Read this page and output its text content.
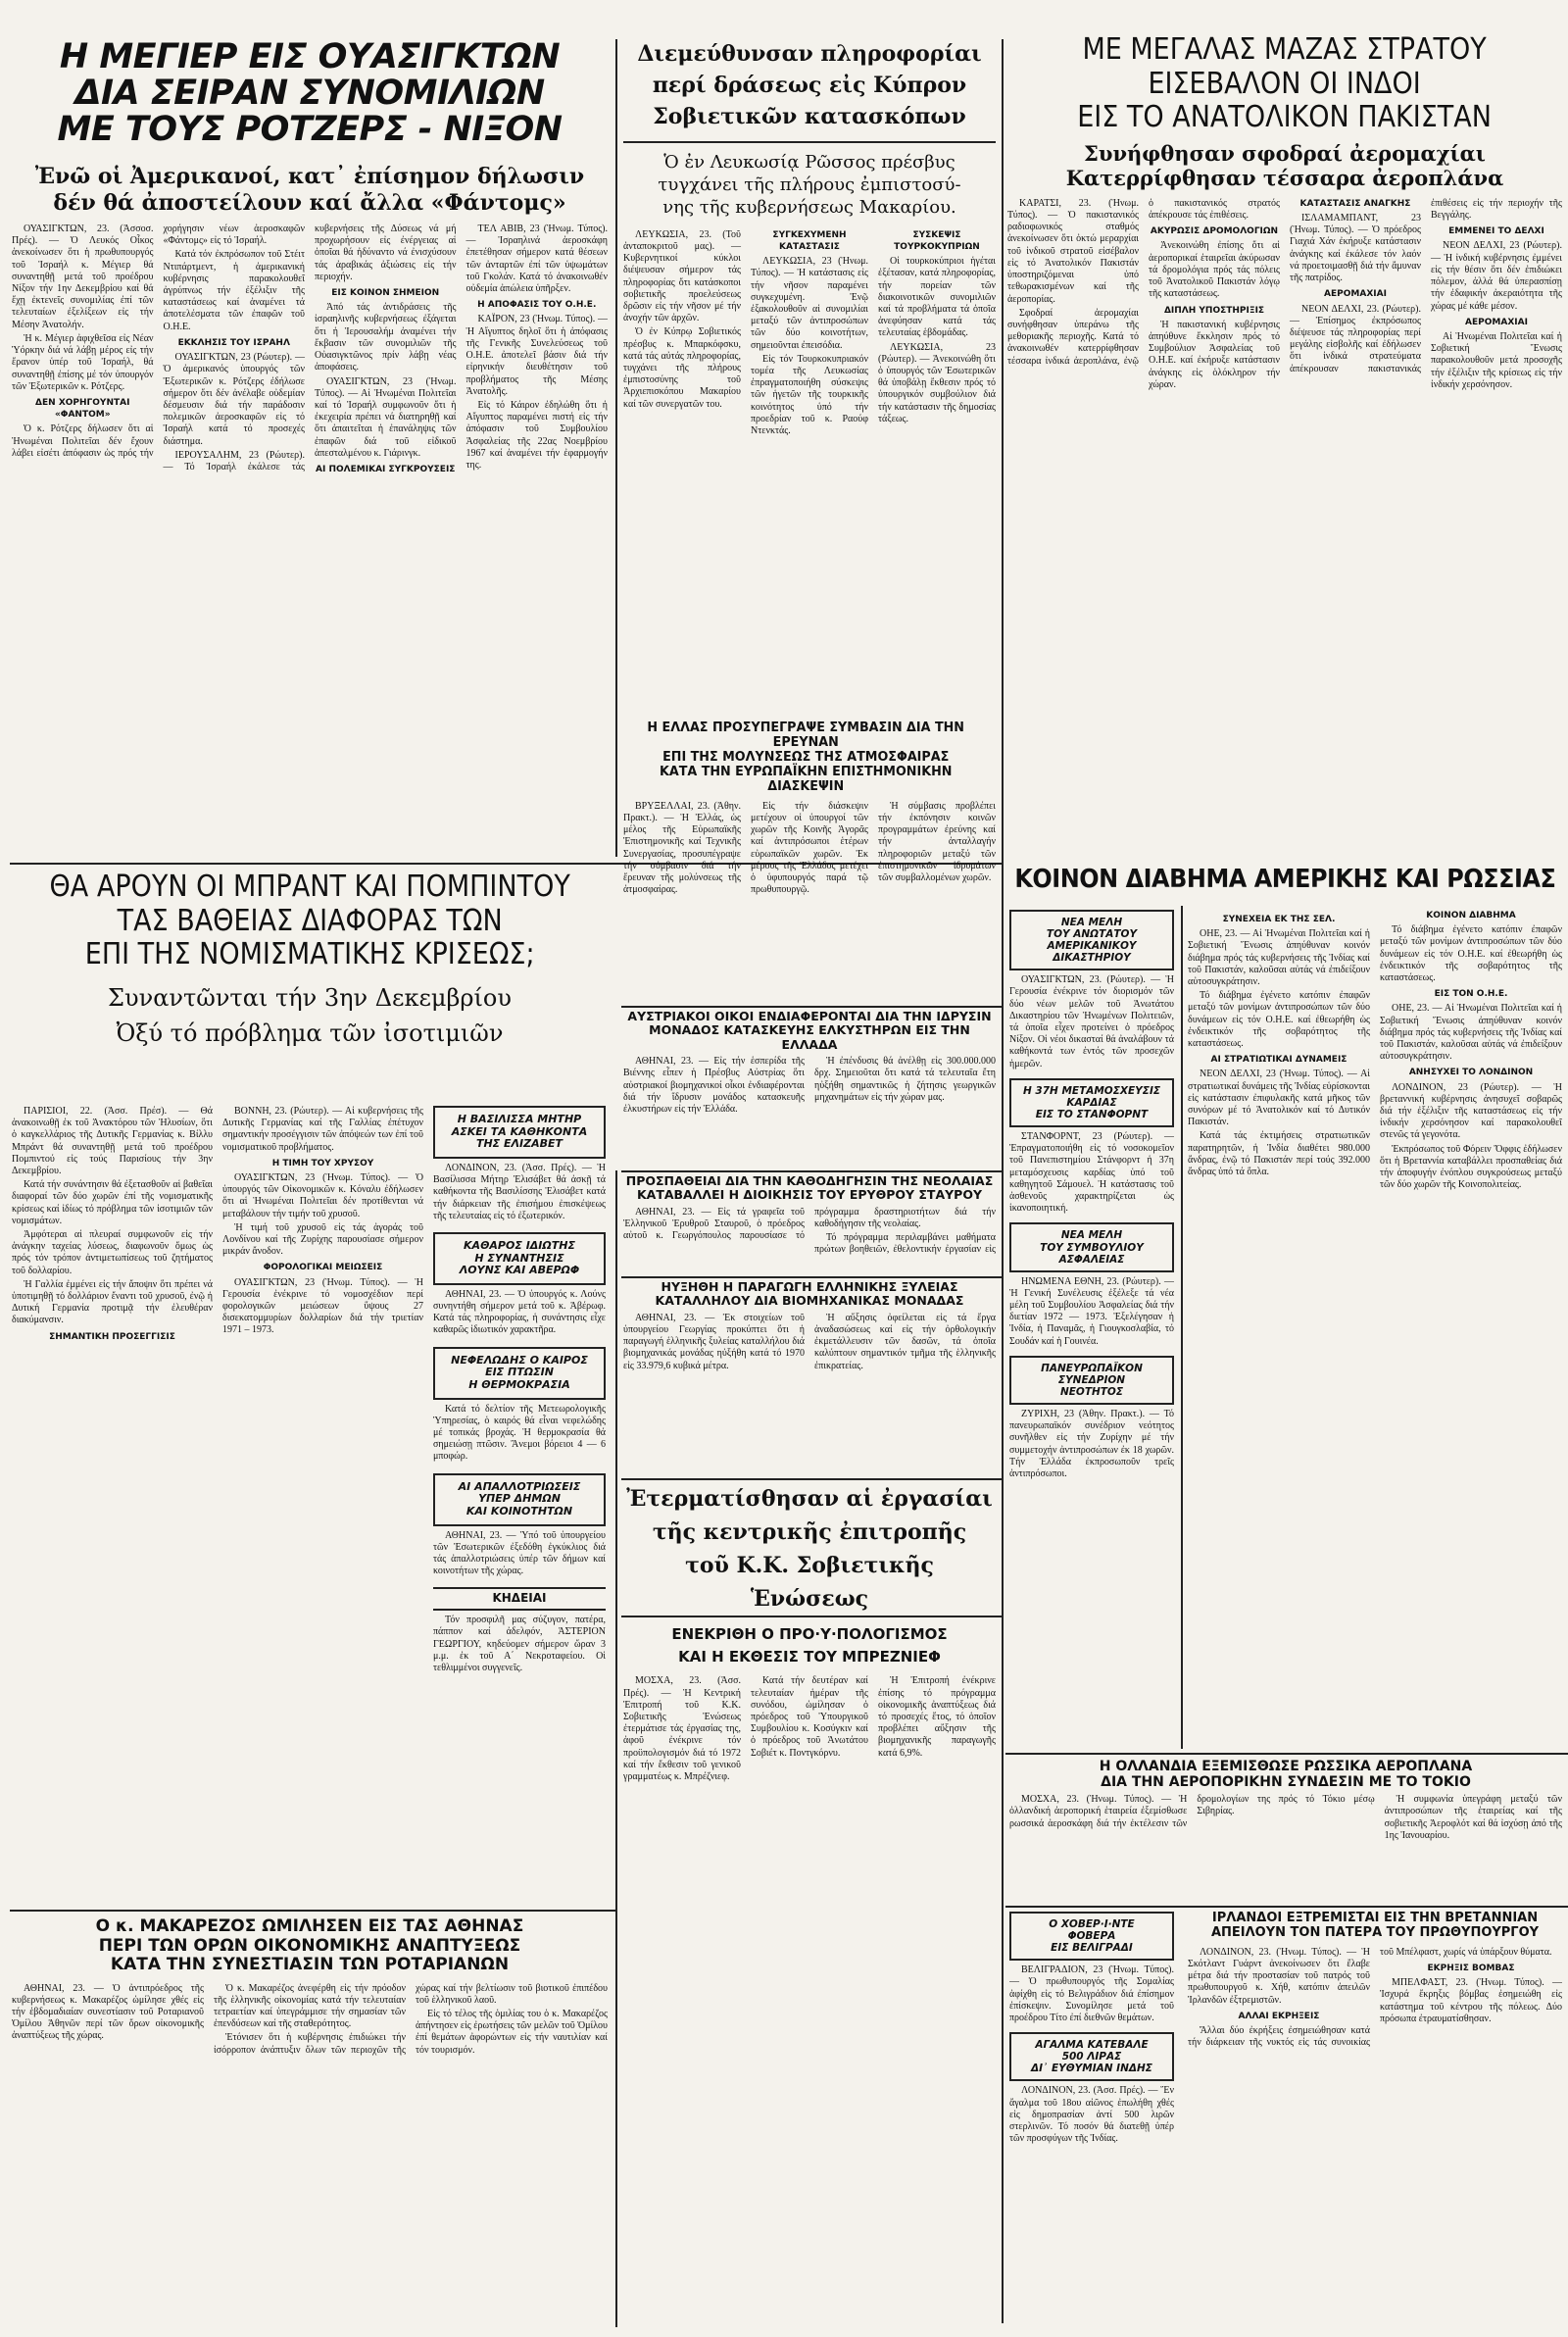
Η ΜΕΓΙΕΡ ΕΙΣ ΟΥΑΣΙΓΚΤΩΝ
ΔΙΑ ΣΕΙΡΑΝ ΣΥΝΟΜΙΛΙΩΝ
ΜΕ ΤΟΥΣ ΡΟΤΖΕΡΣ - ΝΙΞΟΝ
Ἐνῶ οἱ Ἀμερικανοί, κατ᾽ ἐπίσημον δήλωσιν
δέν θά ἀποστείλουν καί ἄλλα «Φάντομς»

ΟΥΑΣΙΓΚΤΩΝ, 23. (Ἀσσοσ. Πρές). — Ὁ Λευκός Οἶκος ἀνεκοίνωσεν ὅτι ἡ πρωθυπουργός τοῦ Ἰσραήλ κ. Μέγιερ θά συναντηθῇ μετά τοῦ προέδρου Νίξον τήν 1ην Δεκεμβρίου καί θά ἔχῃ ἐκτενεῖς συνομιλίας ἐπί τῶν τελευταίων ἐξελίξεων εἰς τήν Μέσην Ἀνατολήν.

Ἡ κ. Μέγιερ ἀφιχθεῖσα εἰς Νέαν Ὑόρκην διά νά λάβῃ μέρος εἰς τήν ἔρανον ὑπέρ τοῦ Ἰσραήλ, θά συναντηθῇ ἐπίσης μέ τόν ὑπουργόν τῶν Ἐξωτερικῶν κ. Ρότζερς.

ΔΕΝ ΧΟΡΗΓΟΥΝΤΑΙ «ΦΑΝΤΟΜ»

Ὁ κ. Ρότζερς δήλωσεν ὅτι αἱ Ἡνωμέναι Πολιτεῖαι δέν ἔχουν λάβει εἰσέτι ἀπόφασιν ὡς πρός τήν χορήγησιν νέων ἀεροσκαφῶν «Φάντομς» εἰς τό Ἰσραήλ.

Κατά τόν ἐκπρόσωπον τοῦ Στέιτ Ντιπάρτμεντ, ἡ ἀμερικανική κυβέρνησις παρακολουθεῖ ἀγρύπνως τήν ἐξέλιξιν τῆς καταστάσεως καί ἀναμένει τά ἀποτελέσματα τῶν ἐπαφῶν τοῦ Ο.Η.Ε.

ΕΚΚΛΗΣΙΣ ΤΟΥ ΙΣΡΑΗΛ

ΟΥΑΣΙΓΚΤΩΝ, 23 (Ρώυτερ). — Ὁ ἀμερικανός ὑπουργός τῶν Ἐξωτερικῶν κ. Ρότζερς ἐδήλωσε σήμερον ὅτι δέν ἀνέλαβε οὐδεμίαν δέσμευσιν διά τήν παράδοσιν πολεμικῶν ἀεροσκαφῶν εἰς τό Ἰσραήλ κατά τό προσεχές διάστημα.

ΙΕΡΟΥΣΑΛΗΜ, 23 (Ρώυτερ). — Τό Ἰσραήλ ἐκάλεσε τάς κυβερνήσεις τῆς Δύσεως νά μή προχωρήσουν εἰς ἐνέργειας αἱ ὁποῖαι θά ἠδύναντο νά ἐνισχύσουν τάς ἀραβικάς ἀξιώσεις εἰς τήν περιοχήν.

ΕΙΣ ΚΟΙΝΟΝ ΣΗΜΕΙΟΝ

Ἀπό τάς ἀντιδράσεις τῆς ἰσραηλινῆς κυβερνήσεως ἐξάγεται ὅτι ἡ Ἱερουσαλήμ ἀναμένει τήν ἔκβασιν τῶν συνομιλιῶν τῆς Οὐασιγκτῶνος πρίν λάβῃ νέας ἀποφάσεις.

ΟΥΑΣΙΓΚΤΩΝ, 23 (Ἡνωμ. Τύπος). — Αἱ Ἡνωμέναι Πολιτεῖαι καί τό Ἰσραήλ συμφωνοῦν ὅτι ἡ ἐκεχειρία πρέπει νά διατηρηθῇ καί ὅτι ἀπαιτεῖται ἡ ἐπανάληψις τῶν ἐπαφῶν διά τοῦ εἰδικοῦ ἀπεσταλμένου κ. Γιάρινγκ.

ΑΙ ΠΟΛΕΜΙΚΑΙ ΣΥΓΚΡΟΥΣΕΙΣ

ΤΕΛ ΑΒΙΒ, 23 (Ἡνωμ. Τύπος). — Ἰσραηλινά ἀεροσκάφη ἐπετέθησαν σήμερον κατά θέσεων τῶν ἀνταρτῶν ἐπί τῶν ὑψωμάτων τοῦ Γκολάν. Κατά τό ἀνακοινωθέν οὐδεμία ἀπώλεια ὑπῆρξεν.

Η ΑΠΟΦΑΣΙΣ ΤΟΥ Ο.Η.Ε.

ΚΑΪΡΟΝ, 23 (Ἡνωμ. Τύπος). — Ἡ Αἴγυπτος δηλοῖ ὅτι ἡ ἀπόφασις τῆς Γενικῆς Συνελεύσεως τοῦ Ο.Η.Ε. ἀποτελεῖ βάσιν διά τήν εἰρηνικήν διευθέτησιν τοῦ προβλήματος τῆς Μέσης Ἀνατολῆς.

Εἰς τό Κάιρον ἐδηλώθη ὅτι ἡ Αἴγυπτος παραμένει πιστή εἰς τήν ἀπόφασιν τοῦ Συμβουλίου Ἀσφαλείας τῆς 22ας Νοεμβρίου 1967 καί ἀναμένει τήν ἐφαρμογήν της.

Διεμεύθυνσαν πληροφορίαι
περί δράσεως εἰς Κύπρον
Σοβιετικῶν κατασκόπων
Ὁ ἐν Λευκωσίᾳ Ρῶσσος πρέσβυς
τυγχάνει τῆς πλήρους ἐμπιστοσύ-
νης τῆς κυβερνήσεως Μακαρίου.

ΛΕΥΚΩΣΙΑ, 23. (Τοῦ ἀνταποκριτοῦ μας). — Κυβερνητικοί κύκλοι διέψευσαν σήμερον τάς πληροφορίας ὅτι κατάσκοποι σοβιετικῆς προελεύσεως δρῶσιν εἰς τήν νῆσον μέ τήν ἀνοχήν τῶν ἀρχῶν.

Ὁ ἐν Κύπρῳ Σοβιετικός πρέσβυς κ. Μπαρκόφσκυ, κατά τάς αὐτάς πληροφορίας, τυγχάνει τῆς πλήρους ἐμπιστοσύνης τοῦ Ἀρχιεπισκόπου Μακαρίου καί τῶν συνεργατῶν του.

ΣΥΓΚΕΧΥΜΕΝΗ ΚΑΤΑΣΤΑΣΙΣ

ΛΕΥΚΩΣΙΑ, 23 (Ἡνωμ. Τύπος). — Ἡ κατάστασις εἰς τήν νῆσον παραμένει συγκεχυμένη. Ἐνῷ ἐξακολουθοῦν αἱ συνομιλίαι μεταξύ τῶν ἀντιπροσώπων τῶν δύο κοινοτήτων, σημειοῦνται ἐπεισόδια.

Εἰς τόν Τουρκοκυπριακόν τομέα τῆς Λευκωσίας ἐπραγματοποιήθη σύσκεψις τῶν ἡγετῶν τῆς τουρκικῆς κοινότητος ὑπό τήν προεδρίαν τοῦ κ. Ραούφ Ντενκτάς.

ΣΥΣΚΕΨΙΣ ΤΟΥΡΚΟΚΥΠΡΙΩΝ

Οἱ τουρκοκύπριοι ἡγέται ἐξέτασαν, κατά πληροφορίας, τήν πορείαν τῶν διακοινοτικῶν συνομιλιῶν καί τά προβλήματα τά ὁποῖα ἀνεφύησαν κατά τάς τελευταίας ἑβδομάδας.

ΛΕΥΚΩΣΙΑ, 23 (Ρώυτερ). — Ἀνεκοινώθη ὅτι ὁ ὑπουργός τῶν Ἐσωτερικῶν θά ὑποβάλῃ ἔκθεσιν πρός τό ὑπουργικόν συμβούλιον διά τήν κατάστασιν τῆς δημοσίας τάξεως.

ΜΕ ΜΕΓΑΛΑΣ ΜΑΖΑΣ ΣΤΡΑΤΟΥ
ΕΙΣΕΒΑΛΟΝ ΟΙ ΙΝΔΟΙ
ΕΙΣ ΤΟ ΑΝΑΤΟΛΙΚΟΝ ΠΑΚΙΣΤΑΝ
Συνήφθησαν σφοδραί ἀερομαχίαι
Κατερρίφθησαν τέσσαρα ἀεροπλάνα

ΚΑΡΑΤΣΙ, 23. (Ἡνωμ. Τύπος). — Ὁ πακιστανικός ραδιοφωνικός σταθμός ἀνεκοίνωσεν ὅτι ὀκτώ μεραρχίαι τοῦ ἰνδικοῦ στρατοῦ εἰσέβαλον εἰς τό Ἀνατολικόν Πακιστάν ὑποστηριζόμεναι ὑπό τεθωρακισμένων καί τῆς ἀεροπορίας.

Σφοδραί ἀερομαχίαι συνήφθησαν ὑπεράνω τῆς μεθοριακῆς περιοχῆς. Κατά τό ἀνακοινωθέν κατερρίφθησαν τέσσαρα ἰνδικά ἀεροπλάνα, ἐνῷ ὁ πακιστανικός στρατός ἀπέκρουσε τάς ἐπιθέσεις.

ΑΚΥΡΩΣΙΣ ΔΡΟΜΟΛΟΓΙΩΝ

Ἀνεκοινώθη ἐπίσης ὅτι αἱ ἀεροπορικαί ἑταιρεῖαι ἀκύρωσαν τά δρομολόγια πρός τάς πόλεις τοῦ Ἀνατολικοῦ Πακιστάν λόγῳ τῆς καταστάσεως.

ΔΙΠΛΗ ΥΠΟΣΤΗΡΙΞΙΣ

Ἡ πακιστανική κυβέρνησις ἀπηύθυνε ἔκκλησιν πρός τό Συμβούλιον Ἀσφαλείας τοῦ Ο.Η.Ε. καί ἐκήρυξε κατάστασιν ἀνάγκης εἰς ὁλόκληρον τήν χώραν.

ΚΑΤΑΣΤΑΣΙΣ ΑΝΑΓΚΗΣ

ΙΣΛΑΜΑΜΠΑΝΤ, 23 (Ἡνωμ. Τύπος). — Ὁ πρόεδρος Γιαχιά Χάν ἐκήρυξε κατάστασιν ἀνάγκης καί ἐκάλεσε τόν λαόν νά προετοιμασθῇ διά τήν ἄμυναν τῆς πατρίδος.

ΑΕΡΟΜΑΧΙΑΙ

ΝΕΟΝ ΔΕΛΧΙ, 23. (Ρώυτερ). — Ἐπίσημος ἐκπρόσωπος διέψευσε τάς πληροφορίας περί μεγάλης εἰσβολῆς καί ἐδήλωσεν ὅτι ἰνδικά στρατεύματα ἀπέκρουσαν πακιστανικάς ἐπιθέσεις εἰς τήν περιοχήν τῆς Βεγγάλης.

ΕΜΜΕΝΕΙ ΤΟ ΔΕΛΧΙ

ΝΕΟΝ ΔΕΛΧΙ, 23 (Ρώυτερ). — Ἡ ἰνδική κυβέρνησις ἐμμένει εἰς τήν θέσιν ὅτι δέν ἐπιδιώκει πόλεμον, ἀλλά θά ὑπερασπίσῃ τήν ἐδαφικήν ἀκεραιότητα τῆς χώρας μέ κάθε μέσον.

ΑΕΡΟΜΑΧΙΑΙ

Αἱ Ἡνωμέναι Πολιτεῖαι καί ἡ Σοβιετική Ἕνωσις παρακολουθοῦν μετά προσοχῆς τήν ἐξέλιξιν τῆς κρίσεως εἰς τήν ἰνδικήν χερσόνησον.

Η ΕΛΛΑΣ ΠΡΟΣΥΠΕΓΡΑΨΕ ΣΥΜΒΑΣΙΝ ΔΙΑ ΤΗΝ ΕΡΕΥΝΑΝ
ΕΠΙ ΤΗΣ ΜΟΛΥΝΣΕΩΣ ΤΗΣ ΑΤΜΟΣΦΑΙΡΑΣ
ΚΑΤΑ ΤΗΝ ΕΥΡΩΠΑΪΚΗΝ ΕΠΙΣΤΗΜΟΝΙΚΗΝ ΔΙΑΣΚΕΨΙΝ

ΒΡΥΞΕΛΛΑΙ, 23. (Ἀθην. Πρακτ.). — Ἡ Ἑλλάς, ὡς μέλος τῆς Εὐρωπαϊκῆς Ἐπιστημονικῆς καί Τεχνικῆς Συνεργασίας, προσυπέγραψε τήν σύμβασιν διά τήν ἔρευναν τῆς μολύνσεως τῆς ἀτμοσφαίρας.

Εἰς τήν διάσκεψιν μετέχουν οἱ ὑπουργοί τῶν χωρῶν τῆς Κοινῆς Ἀγορᾶς καί ἀντιπρόσωποι ἑτέρων εὐρωπαϊκῶν χωρῶν. Ἐκ μέρους τῆς Ἑλλάδος μετέχει ὁ ὑφυπουργός παρά τῷ πρωθυπουργῷ.

Ἡ σύμβασις προβλέπει τήν ἐκπόνησιν κοινῶν προγραμμάτων ἐρεύνης καί τήν ἀνταλλαγήν πληροφοριῶν μεταξύ τῶν ἐπιστημονικῶν ἱδρυμάτων τῶν συμβαλλομένων χωρῶν.

ΘΑ ΑΡΟΥΝ ΟΙ ΜΠΡΑΝΤ ΚΑΙ ΠΟΜΠΙΝΤΟΥ
ΤΑΣ ΒΑΘΕΙΑΣ ΔΙΑΦΟΡΑΣ ΤΩΝ
ΕΠΙ ΤΗΣ ΝΟΜΙΣΜΑΤΙΚΗΣ ΚΡΙΣΕΩΣ;
Συναντῶνται τήν 3ην Δεκεμβρίου
Ὀξύ τό πρόβλημα τῶν ἰσοτιμιῶν

ΠΑΡΙΣΙΟΙ, 22. (Ἀσσ. Πρέσ). — Θά ἀνακοινωθῇ ἐκ τοῦ Ἀνακτόρου τῶν Ἠλυσίων, ὅτι ὁ καγκελλάριος τῆς Δυτικῆς Γερμανίας κ. Βίλλυ Μπράντ θά συναντηθῇ μετά τοῦ προέδρου Πομπιντού εἰς τούς Παρισίους τήν 3ην Δεκεμβρίου.

Κατά τήν συνάντησιν θά ἐξετασθοῦν αἱ βαθεῖαι διαφοραί τῶν δύο χωρῶν ἐπί τῆς νομισματικῆς κρίσεως καί ἰδίως τό πρόβλημα τῶν ἰσοτιμιῶν τῶν νομισμάτων.

Ἀμφότεραι αἱ πλευραί συμφωνοῦν εἰς τήν ἀνάγκην ταχείας λύσεως, διαφωνοῦν ὅμως ὡς πρός τόν τρόπον ἀντιμετωπίσεως τοῦ ζητήματος τοῦ δολλαρίου.

Ἡ Γαλλία ἐμμένει εἰς τήν ἄποψιν ὅτι πρέπει νά ὑποτιμηθῇ τό δολλάριον ἔναντι τοῦ χρυσοῦ, ἐνῷ ἡ Δυτική Γερμανία προτιμᾷ τήν ἐλευθέραν διακύμανσιν.

ΣΗΜΑΝΤΙΚΗ ΠΡΟΣΕΓΓΙΣΙΣ

ΒΟΝΝΗ, 23. (Ρώυτερ). — Αἱ κυβερνήσεις τῆς Δυτικῆς Γερμανίας καί τῆς Γαλλίας ἐπέτυχον σημαντικήν προσέγγισιν τῶν ἀπόψεών των ἐπί τοῦ νομισματικοῦ προβλήματος.

Η ΤΙΜΗ ΤΟΥ ΧΡΥΣΟΥ

ΟΥΑΣΙΓΚΤΩΝ, 23 (Ἡνωμ. Τύπος). — Ὁ ὑπουργός τῶν Οἰκονομικῶν κ. Κόναλυ ἐδήλωσεν ὅτι αἱ Ἡνωμέναι Πολιτεῖαι δέν προτίθενται νά μεταβάλουν τήν τιμήν τοῦ χρυσοῦ.

Ἡ τιμή τοῦ χρυσοῦ εἰς τάς ἀγοράς τοῦ Λονδίνου καί τῆς Ζυρίχης παρουσίασε σήμερον μικράν ἄνοδον.

ΦΟΡΟΛΟΓΙΚΑΙ ΜΕΙΩΣΕΙΣ

ΟΥΑΣΙΓΚΤΩΝ, 23 (Ἡνωμ. Τύπος). — Ἡ Γερουσία ἐνέκρινε τό νομοσχέδιον περί φορολογικῶν μειώσεων ὕψους 27 δισεκατομμυρίων δολλαρίων διά τήν τριετίαν 1971 – 1973.

Η ΒΑΣΙΛΙΣΣΑ ΜΗΤΗΡ
ΑΣΚΕΙ ΤΑ ΚΑΘΗΚΟΝΤΑ
ΤΗΣ ΕΛΙΖΑΒΕΤ

ΛΟΝΔΙΝΟΝ, 23. (Ἀσσ. Πρές). — Ἡ Βασίλισσα Μήτηρ Ἐλισάβετ θά ἀσκῇ τά καθήκοντα τῆς Βασιλίσσης Ἐλισάβετ κατά τήν διάρκειαν τῆς ἐπισήμου ἐπισκέψεως τῆς τελευταίας εἰς τό ἐξωτερικόν.

ΚΑΘΑΡΟΣ ΙΔΙΩΤΗΣ
Η ΣΥΝΑΝΤΗΣΙΣ
ΛΟΥΝΣ ΚΑΙ ΑΒΕΡΩΦ

ΑΘΗΝΑΙ, 23. — Ὁ ὑπουργός κ. Λούνς συνηντήθη σήμερον μετά τοῦ κ. Ἀβέρωφ. Κατά τάς πληροφορίας, ἡ συνάντησις εἶχε καθαρῶς ἰδιωτικόν χαρακτῆρα.

ΝΕΦΕΛΩΔΗΣ Ο ΚΑΙΡΟΣ
ΕΙΣ ΠΤΩΣΙΝ
Η ΘΕΡΜΟΚΡΑΣΙΑ

Κατά τό δελτίον τῆς Μετεωρολογικῆς Ὑπηρεσίας, ὁ καιρός θά εἶναι νεφελώδης μέ τοπικάς βροχάς. Ἡ θερμοκρασία θά σημειώσῃ πτῶσιν. Ἄνεμοι βόρειοι 4 — 6 μποφώρ.

ΑΙ ΑΠΑΛΛΟΤΡΙΩΣΕΙΣ
ΥΠΕΡ ΔΗΜΩΝ
ΚΑΙ ΚΟΙΝΟΤΗΤΩΝ

ΑΘΗΝΑΙ, 23. — Ὑπό τοῦ ὑπουργείου τῶν Ἐσωτερικῶν ἐξεδόθη ἐγκύκλιος διά τάς ἀπαλλοτριώσεις ὑπέρ τῶν δήμων καί κοινοτήτων τῆς χώρας.

ΚΗΔΕΙΑΙ

Τόν προσφιλῆ μας σύζυγον, πατέρα, πάππον καί ἀδελφόν, ἈΣΤΕΡΙΟΝ ΓΕΩΡΓΙΟΥ, κηδεύομεν σήμερον ὥραν 3 μ.μ. ἐκ τοῦ Α΄ Νεκροταφείου. Οἱ τεθλιμμένοι συγγενεῖς.

ΑΥΣΤΡΙΑΚΟΙ ΟΙΚΟΙ ΕΝΔΙΑΦΕΡΟΝΤΑΙ ΔΙΑ ΤΗΝ ΙΔΡΥΣΙΝ
ΜΟΝΑΔΟΣ ΚΑΤΑΣΚΕΥΗΣ ΕΛΚΥΣΤΗΡΩΝ ΕΙΣ ΤΗΝ ΕΛΛΑΔΑ

ΑΘΗΝΑΙ, 23. — Εἰς τήν ἑσπερίδα τῆς Βιέννης εἶπεν ἡ Πρέσβυς Αὐστρίας ὅτι αὐστριακοί βιομηχανικοί οἶκοι ἐνδιαφέρονται διά τήν ἵδρυσιν μονάδος κατασκευῆς ἐλκυστήρων εἰς τήν Ἑλλάδα.

Ἡ ἐπένδυσις θά ἀνέλθῃ εἰς 300.000.000 δρχ. Σημειοῦται ὅτι κατά τά τελευταῖα ἔτη ηὐξήθη σημαντικῶς ἡ ζήτησις γεωργικῶν μηχανημάτων εἰς τήν χώραν μας.

ΠΡΟΣΠΑΘΕΙΑΙ ΔΙΑ ΤΗΝ ΚΑΘΟΔΗΓΗΣΙΝ ΤΗΣ ΝΕΟΛΑΙΑΣ
ΚΑΤΑΒΑΛΛΕΙ Η ΔΙΟΙΚΗΣΙΣ ΤΟΥ ΕΡΥΘΡΟΥ ΣΤΑΥΡΟΥ

ΑΘΗΝΑΙ, 23. — Εἰς τά γραφεῖα τοῦ Ἑλληνικοῦ Ἐρυθροῦ Σταυροῦ, ὁ πρόεδρος αὐτοῦ κ. Γεωργόπουλος παρουσίασε τό πρόγραμμα δραστηριοτήτων διά τήν καθοδήγησιν τῆς νεολαίας.

Τό πρόγραμμα περιλαμβάνει μαθήματα πρώτων βοηθειῶν, ἐθελοντικήν ἐργασίαν εἰς

ΗΥΞΗΘΗ Η ΠΑΡΑΓΩΓΗ ΕΛΛΗΝΙΚΗΣ ΞΥΛΕΙΑΣ
ΚΑΤΑΛΛΗΛΟΥ ΔΙΑ ΒΙΟΜΗΧΑΝΙΚΑΣ ΜΟΝΑΔΑΣ

ΑΘΗΝΑΙ, 23. — Ἐκ στοιχείων τοῦ ὑπουργείου Γεωργίας προκύπτει ὅτι ἡ παραγωγή ἑλληνικῆς ξυλείας καταλλήλου διά βιομηχανικάς μονάδας ηὐξήθη κατά τό 1970 εἰς 33.979,6 κυβικά μέτρα.

Ἡ αὔξησις ὀφείλεται εἰς τά ἔργα ἀναδασώσεως καί εἰς τήν ὀρθολογικήν ἐκμετάλλευσιν τῶν δασῶν, τά ὁποῖα καλύπτουν σημαντικόν τμῆμα τῆς ἑλληνικῆς ἐπικρατείας.

Ἐτερματίσθησαν αἱ ἐργασίαι
τῆς κεντρικῆς ἐπιτροπῆς
τοῦ Κ.Κ. Σοβιετικῆς Ἑνώσεως
ΕΝΕΚΡΙΘΗ Ο ΠΡΟ·Υ·ΠΟΛΟΓΙΣΜΟΣ
ΚΑΙ Η ΕΚΘΕΣΙΣ ΤΟΥ ΜΠΡΕΖΝΙΕΦ

ΜΟΣΧΑ, 23. (Ἀσσ. Πρές). — Ἡ Κεντρική Ἐπιτροπή τοῦ Κ.Κ. Σοβιετικῆς Ἑνώσεως ἐτερμάτισε τάς ἐργασίας της, ἀφοῦ ἐνέκρινε τόν προϋπολογισμόν διά τό 1972 καί τήν ἔκθεσιν τοῦ γενικοῦ γραμματέως κ. Μπρέζνιεφ.

Κατά τήν δευτέραν καί τελευταίαν ἡμέραν τῆς συνόδου, ὡμίλησαν ὁ πρόεδρος τοῦ Ὑπουργικοῦ Συμβουλίου κ. Κοσύγκιν καί ὁ πρόεδρος τοῦ Ἀνωτάτου Σοβιέτ κ. Ποντγκόρνυ.

Ἡ Ἐπιτροπή ἐνέκρινε ἐπίσης τό πρόγραμμα οἰκονομικῆς ἀναπτύξεως διά τό προσεχές ἔτος, τό ὁποῖον προβλέπει αὔξησιν τῆς βιομηχανικῆς παραγωγῆς κατά 6,9%.

Ο κ. ΜΑΚΑΡΕΖΟΣ ΩΜΙΛΗΣΕΝ ΕΙΣ ΤΑΣ ΑΘΗΝΑΣ
ΠΕΡΙ ΤΩΝ ΟΡΩΝ ΟΙΚΟΝΟΜΙΚΗΣ ΑΝΑΠΤΥΞΕΩΣ
ΚΑΤΑ ΤΗΝ ΣΥΝΕΣΤΙΑΣΙΝ ΤΩΝ ΡΟΤΑΡΙΑΝΩΝ

ΑΘΗΝΑΙ, 23. — Ὁ ἀντιπρόεδρος τῆς κυβερνήσεως κ. Μακαρέζος ὡμίλησε χθές εἰς τήν ἑβδομαδιαίαν συνεστίασιν τοῦ Ροταριανοῦ Ὁμίλου Ἀθηνῶν περί τῶν ὅρων οἰκονομικῆς ἀναπτύξεως τῆς χώρας.

Ὁ κ. Μακαρέζος ἀνεφέρθη εἰς τήν πρόοδον τῆς ἑλληνικῆς οἰκονομίας κατά τήν τελευταίαν τετραετίαν καί ὑπεγράμμισε τήν σημασίαν τῶν ἐπενδύσεων καί τῆς σταθερότητος.

Ἐτόνισεν ὅτι ἡ κυβέρνησις ἐπιδιώκει τήν ἰσόρροπον ἀνάπτυξιν ὅλων τῶν περιοχῶν τῆς χώρας καί τήν βελτίωσιν τοῦ βιοτικοῦ ἐπιπέδου τοῦ ἑλληνικοῦ λαοῦ.

Εἰς τό τέλος τῆς ὁμιλίας του ὁ κ. Μακαρέζος ἀπήντησεν εἰς ἐρωτήσεις τῶν μελῶν τοῦ Ὁμίλου ἐπί θεμάτων ἀφορώντων εἰς τήν ναυτιλίαν καί τόν τουρισμόν.

ΚΟΙΝΟΝ ΔΙΑΒΗΜΑ ΑΜΕΡΙΚΗΣ ΚΑΙ ΡΩΣΣΙΑΣ
ΣΥΝΕΧΕΙΑ ΕΚ ΤΗΣ ΣΕΛ.

ΟΗΕ, 23. — Αἱ Ἡνωμέναι Πολιτεῖαι καί ἡ Σοβιετική Ἕνωσις ἀπηύθυναν κοινόν διάβημα πρός τάς κυβερνήσεις τῆς Ἰνδίας καί τοῦ Πακιστάν, καλοῦσαι αὐτάς νά ἐπιδείξουν αὐτοσυγκράτησιν.

Τό διάβημα ἐγένετο κατόπιν ἐπαφῶν μεταξύ τῶν μονίμων ἀντιπροσώπων τῶν δύο δυνάμεων εἰς τόν Ο.Η.Ε. καί ἐθεωρήθη ὡς ἐνδεικτικόν τῆς σοβαρότητος τῆς καταστάσεως.

ΑΙ ΣΤΡΑΤΙΩΤΙΚΑΙ ΔΥΝΑΜΕΙΣ

ΝΕΟΝ ΔΕΛΧΙ, 23 (Ἡνωμ. Τύπος). — Αἱ στρατιωτικαί δυνάμεις τῆς Ἰνδίας εὑρίσκονται εἰς κατάστασιν ἐπιφυλακῆς κατά μῆκος τῶν συνόρων μέ τό Ἀνατολικόν καί τό Δυτικόν Πακιστάν.

Κατά τάς ἐκτιμήσεις στρατιωτικῶν παρατηρητῶν, ἡ Ἰνδία διαθέτει 980.000 ἄνδρας, ἐνῷ τό Πακιστάν περί τούς 392.000 ἄνδρας ὑπό τά ὅπλα.

ΚΟΙΝΟΝ ΔΙΑΒΗΜΑ

Τό διάβημα ἐγένετο κατόπιν ἐπαφῶν μεταξύ τῶν μονίμων ἀντιπροσώπων τῶν δύο δυνάμεων εἰς τόν Ο.Η.Ε. καί ἐθεωρήθη ὡς ἐνδεικτικόν τῆς σοβαρότητος τῆς καταστάσεως.

ΕΙΣ ΤΟΝ Ο.Η.Ε.

ΟΗΕ, 23. — Αἱ Ἡνωμέναι Πολιτεῖαι καί ἡ Σοβιετική Ἕνωσις ἀπηύθυναν κοινόν διάβημα πρός τάς κυβερνήσεις τῆς Ἰνδίας καί τοῦ Πακιστάν, καλοῦσαι αὐτάς νά ἐπιδείξουν αὐτοσυγκράτησιν.

ΑΝΗΣΥΧΕΙ ΤΟ ΛΟΝΔΙΝΟΝ

ΛΟΝΔΙΝΟΝ, 23 (Ρώυτερ). — Ἡ βρεταννική κυβέρνησις ἀνησυχεῖ σοβαρῶς διά τήν ἐξέλιξιν τῆς καταστάσεως εἰς τήν ἰνδικήν χερσόνησον καί παρακολουθεῖ στενῶς τά γεγονότα.

Ἐκπρόσωπος τοῦ Φόρειν Ὄφφις ἐδήλωσεν ὅτι ἡ Βρεταννία καταβάλλει προσπαθείας διά τήν ἀποφυγήν ἐνόπλου συγκρούσεως μεταξύ τῶν δύο χωρῶν τῆς Κοινοπολιτείας.

ΝΕΑ ΜΕΛΗ
ΤΟΥ ΑΝΩΤΑΤΟΥ
ΑΜΕΡΙΚΑΝΙΚΟΥ
ΔΙΚΑΣΤΗΡΙΟΥ

ΟΥΑΣΙΓΚΤΩΝ, 23. (Ρώυτερ). — Ἡ Γερουσία ἐνέκρινε τόν διορισμόν τῶν δύο νέων μελῶν τοῦ Ἀνωτάτου Δικαστηρίου τῶν Ἡνωμένων Πολιτειῶν, τά ὁποῖα εἶχεν προτείνει ὁ πρόεδρος Νίξον. Οἱ νέοι δικασταί θά ἀναλάβουν τά καθήκοντά των ἐντός τῶν προσεχῶν ἡμερῶν.

Η 37Η ΜΕΤΑΜΟΣΧΕΥΣΙΣ
ΚΑΡΔΙΑΣ
ΕΙΣ ΤΟ ΣΤΑΝΦΟΡΝΤ

ΣΤΑΝΦΟΡΝΤ, 23 (Ρώυτερ). — Ἐπραγματοποιήθη εἰς τό νοσοκομεῖον τοῦ Πανεπιστημίου Στάνφορντ ἡ 37η μεταμόσχευσις καρδίας ὑπό τοῦ καθηγητοῦ Σάμουελ. Ἡ κατάστασις τοῦ ἀσθενοῦς χαρακτηρίζεται ὡς ἱκανοποιητική.

ΝΕΑ ΜΕΛΗ
ΤΟΥ ΣΥΜΒΟΥΛΙΟΥ
ΑΣΦΑΛΕΙΑΣ

ΗΝΩΜΕΝΑ ΕΘΝΗ, 23. (Ρώυτερ). — Ἡ Γενική Συνέλευσις ἐξέλεξε τά νέα μέλη τοῦ Συμβουλίου Ἀσφαλείας διά τήν διετίαν 1972 — 1973. Ἐξελέγησαν ἡ Ἰνδία, ἡ Παναμᾶς, ἡ Γιουγκοσλαβία, τό Σουδάν καί ἡ Γουινέα.

ΠΑΝΕΥΡΩΠΑΪΚΟΝ
ΣΥΝΕΔΡΙΟΝ
ΝΕΟΤΗΤΟΣ

ΖΥΡΙΧΗ, 23 (Ἀθην. Πρακτ.). — Τό πανευρωπαϊκόν συνέδριον νεότητος συνῆλθεν εἰς τήν Ζυρίχην μέ τήν συμμετοχήν ἀντιπροσώπων ἐκ 18 χωρῶν. Τήν Ἑλλάδα ἐκπροσωποῦν τρεῖς ἀντιπρόσωποι.

Η ΟΛΛΑΝΔΙΑ ΕΞΕΜΙΣΘΩΣΕ ΡΩΣΣΙΚΑ ΑΕΡΟΠΛΑΝΑ
ΔΙΑ ΤΗΝ ΑΕΡΟΠΟΡΙΚΗΝ ΣΥΝΔΕΣΙΝ ΜΕ ΤΟ ΤΟΚΙΟ

ΜΟΣΧΑ, 23. (Ἡνωμ. Τύπος). — Ἡ ὀλλανδική ἀεροπορική ἑταιρεία ἐξεμίσθωσε ρωσσικά ἀεροσκάφη διά τήν ἐκτέλεσιν τῶν δρομολογίων της πρός τό Τόκιο μέσῳ Σιβηρίας.

Ἡ συμφωνία ὑπεγράφη μεταξύ τῶν ἀντιπροσώπων τῆς ἑταιρείας καί τῆς σοβιετικῆς Ἀεροφλότ καί θά ἰσχύσῃ ἀπό τῆς 1ης Ἰανουαρίου.

Ο ΧΟΒΕΡ·Ι·ΝΤΕ
ΦΟΒΕΡΑ
ΕΙΣ ΒΕΛΙΓΡΑΔΙ

ΒΕΛΙΓΡΑΔΙΟΝ, 23 (Ἡνωμ. Τύπος). — Ὁ πρωθυπουργός τῆς Σομαλίας ἀφίχθη εἰς τό Βελιγράδιον διά ἐπίσημον ἐπίσκεψιν. Συνομίλησε μετά τοῦ προέδρου Τίτο ἐπί διεθνῶν θεμάτων.

ΑΓΑΛΜΑ ΚΑΤΕΒΑΛΕ
500 ΛΙΡΑΣ
ΔΙ᾽ ΕΥΘΥΜΙΑΝ ΙΝΔΗΣ

ΛΟΝΔΙΝΟΝ, 23. (Ἀσσ. Πρές). — Ἕν ἄγαλμα τοῦ 18ου αἰῶνος ἐπωλήθη χθές εἰς δημοπρασίαν ἀντί 500 λιρῶν στερλινῶν. Τό ποσόν θά διατεθῇ ὑπέρ τῶν προσφύγων τῆς Ἰνδίας.

ΙΡΛΑΝΔΟΙ ΕΞΤΡΕΜΙΣΤΑΙ ΕΙΣ ΤΗΝ ΒΡΕΤΑΝΝΙΑΝ
ΑΠΕΙΛΟΥΝ ΤΟΝ ΠΑΤΕΡΑ ΤΟΥ ΠΡΩΘΥΠΟΥΡΓΟΥ

ΛΟΝΔΙΝΟΝ, 23. (Ἡνωμ. Τύπος). — Ἡ Σκότλαντ Γυάρντ ἀνεκοίνωσεν ὅτι ἔλαβε μέτρα διά τήν προστασίαν τοῦ πατρός τοῦ πρωθυπουργοῦ κ. Χήθ, κατόπιν ἀπειλῶν Ἰρλανδῶν ἐξτρεμιστῶν.

ΑΛΛΑΙ ΕΚΡΗΞΕΙΣ

Ἄλλαι δύο ἐκρήξεις ἐσημειώθησαν κατά τήν διάρκειαν τῆς νυκτός εἰς τάς συνοικίας τοῦ Μπέλφαστ, χωρίς νά ὑπάρξουν θύματα.

ΕΚΡΗΞΙΣ ΒΟΜΒΑΣ

ΜΠΕΛΦΑΣΤ, 23. (Ἡνωμ. Τύπος). — Ἰσχυρά ἔκρηξις βόμβας ἐσημειώθη εἰς κατάστημα τοῦ κέντρου τῆς πόλεως. Δύο πρόσωπα ἐτραυματίσθησαν.
